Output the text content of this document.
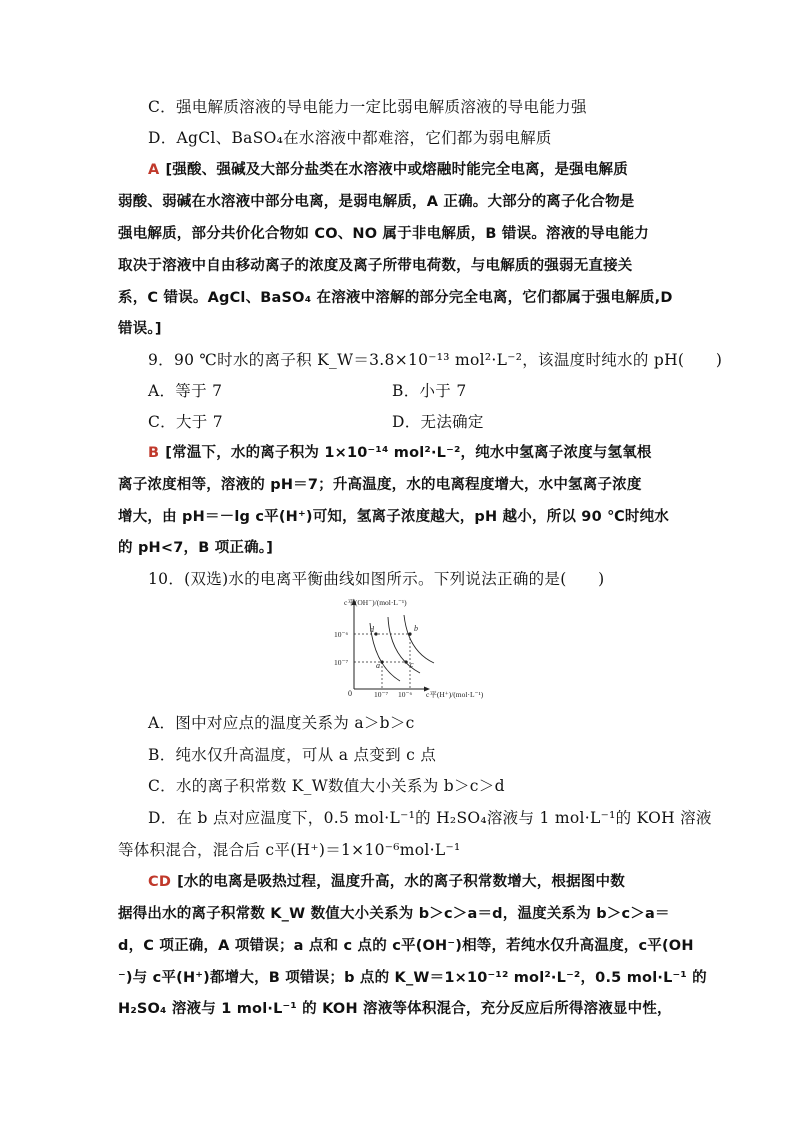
C．强电解质溶液的导电能力一定比弱电解质溶液的导电能力强
D．AgCl、BaSO₄在水溶液中都难溶，它们都为弱电解质
A [强酸、强碱及大部分盐类在水溶液中或熔融时能完全电离，是强电解质
弱酸、弱碱在水溶液中部分电离，是弱电解质，A 正确。大部分的离子化合物是
强电解质，部分共价化合物如 CO、NO 属于非电解质，B 错误。溶液的导电能力
取决于溶液中自由移动离子的浓度及离子所带电荷数，与电解质的强弱无直接关
系，C 错误。AgCl、BaSO₄ 在溶液中溶解的部分完全电离，它们都属于强电解质,D
错误。]
9．90 ℃时水的离子积 K_W＝3.8×10⁻¹³ mol²·L⁻²，该温度时纯水的 pH(　　)
A．等于 7	B．小于 7
C．大于 7	D．无法确定
B [常温下，水的离子积为 1×10⁻¹⁴ mol²·L⁻²，纯水中氢离子浓度与氢氧根
离子浓度相等，溶液的 pH＝7；升高温度，水的电离程度增大，水中氢离子浓度
增大，由 pH＝－lg c平(H⁺)可知，氢离子浓度越大，pH 越小，所以 90 ℃时纯水
的 pH<7，B 项正确。]
10．(双选)水的电离平衡曲线如图所示。下列说法正确的是(　　)
c平(OH⁻)/(mol·L⁻¹)
c平(H⁺)/(mol·L⁻¹)
0
10⁻⁶
10⁻⁷
10⁻⁷ 10⁻⁶
a
b
c
d
A．图中对应点的温度关系为 a＞b＞c
B．纯水仅升高温度，可从 a 点变到 c 点
C．水的离子积常数 K_W数值大小关系为 b＞c＞d
D．在 b 点对应温度下，0.5 mol·L⁻¹的 H₂SO₄溶液与 1 mol·L⁻¹的 KOH 溶液
等体积混合，混合后 c平(H⁺)＝1×10⁻⁶mol·L⁻¹
CD [水的电离是吸热过程，温度升高，水的离子积常数增大，根据图中数
据得出水的离子积常数 K_W 数值大小关系为 b＞c＞a＝d，温度关系为 b＞c＞a＝
d，C 项正确，A 项错误；a 点和 c 点的 c平(OH⁻)相等，若纯水仅升高温度，c平(OH
⁻)与 c平(H⁺)都增大，B 项错误；b 点的 K_W＝1×10⁻¹² mol²·L⁻²，0.5 mol·L⁻¹ 的
H₂SO₄ 溶液与 1 mol·L⁻¹ 的 KOH 溶液等体积混合，充分反应后所得溶液显中性，
